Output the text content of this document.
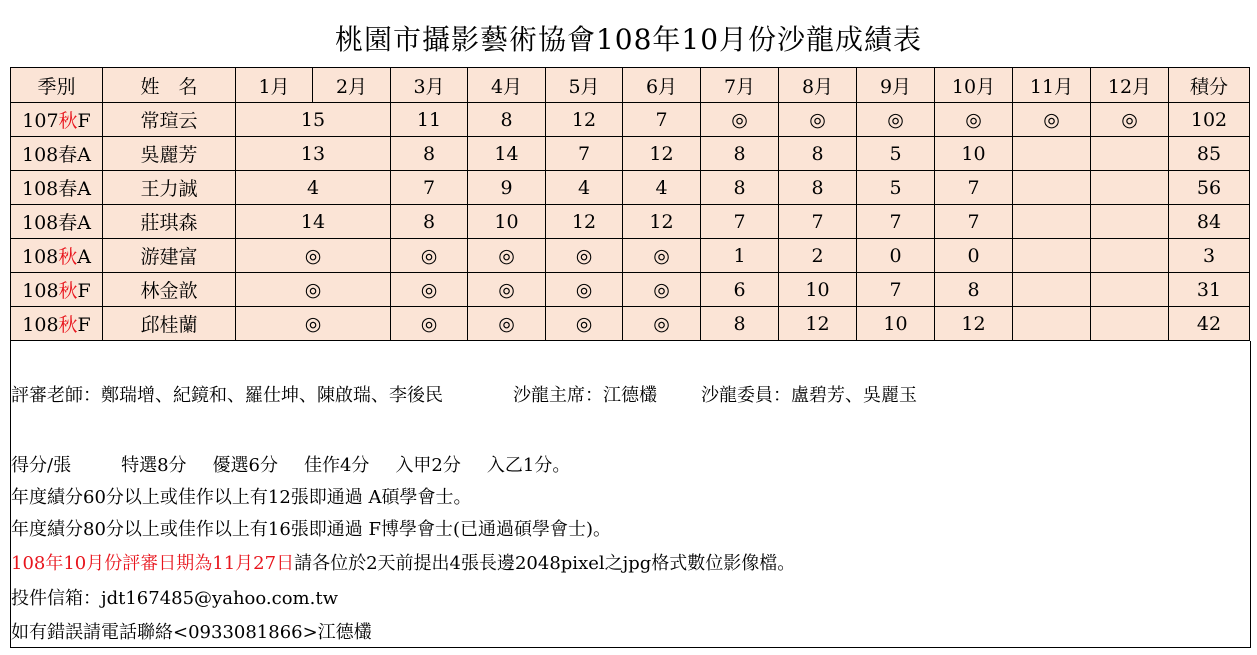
桃園市攝影藝術協會108年10月份沙龍成績表
季別	姓　名	1月	2月	3月	4月	5月	6月	7月	8月	9月	10月	11月	12月	積分
107秋F	常瑄云	15		11	8	12	7	◎	◎	◎	◎	◎	◎	102
108春A	吳麗芳	13		8	14	7	12	8	8	5	10			85
108春A	王力誠	4		7	9	4	4	8	8	5	7			56
108春A	莊琪森	14		8	10	12	12	7	7	7	7			84
108秋A	游建富	◎		◎	◎	◎	◎	1	2	0	0			3
108秋F	林金歆	◎		◎	◎	◎	◎	6	10	7	8			31
108秋F	邱桂蘭	◎		◎	◎	◎	◎	8	12	10	12			42
評審老師：鄭瑞增、紀鏡和、羅仕坤、陳啟瑞、李後民	沙龍主席：江德欉 沙龍委員：盧碧芳、吳麗玉
得分/張	特選8分 優選6分 佳作4分 入甲2分 入乙1分。
年度績分60分以上或佳作以上有12張即通過 A碩學會士。
年度績分80分以上或佳作以上有16張即通過 F博學會士(已通過碩學會士)。
108年10月份評審日期為11月27日請各位於2天前提出4張長邊2048pixel之jpg格式數位影像檔。
投件信箱：jdt167485@yahoo.com.tw
如有錯誤請電話聯絡<0933081866>江德欉
